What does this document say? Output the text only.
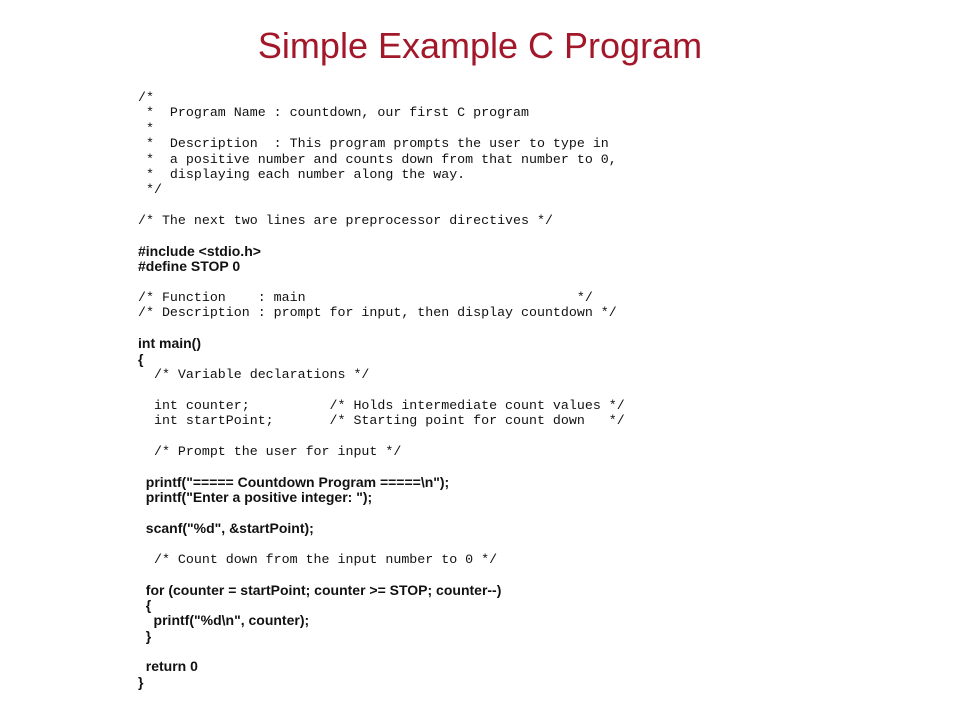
Simple Example C Program
/*
*  Program Name : countdown, our first C program
*
*  Description  : This program prompts the user to type in
*  a positive number and counts down from that number to 0,
*  displaying each number along the way.
*/
/* The next two lines are preprocessor directives */
#include <stdio.h>
#define STOP 0
/* Function    : main                                  */
/* Description : prompt for input, then display countdown */
int main()
{
/* Variable declarations */
int counter;          /* Holds intermediate count values */
int startPoint;       /* Starting point for count down   */
/* Prompt the user for input */
printf("===== Countdown Program =====\n");
printf("Enter a positive integer: ");
scanf("%d", &startPoint);
/* Count down from the input number to 0 */
for (counter = startPoint; counter >= STOP; counter--)
{
printf("%d\n", counter);
}
return 0
}
